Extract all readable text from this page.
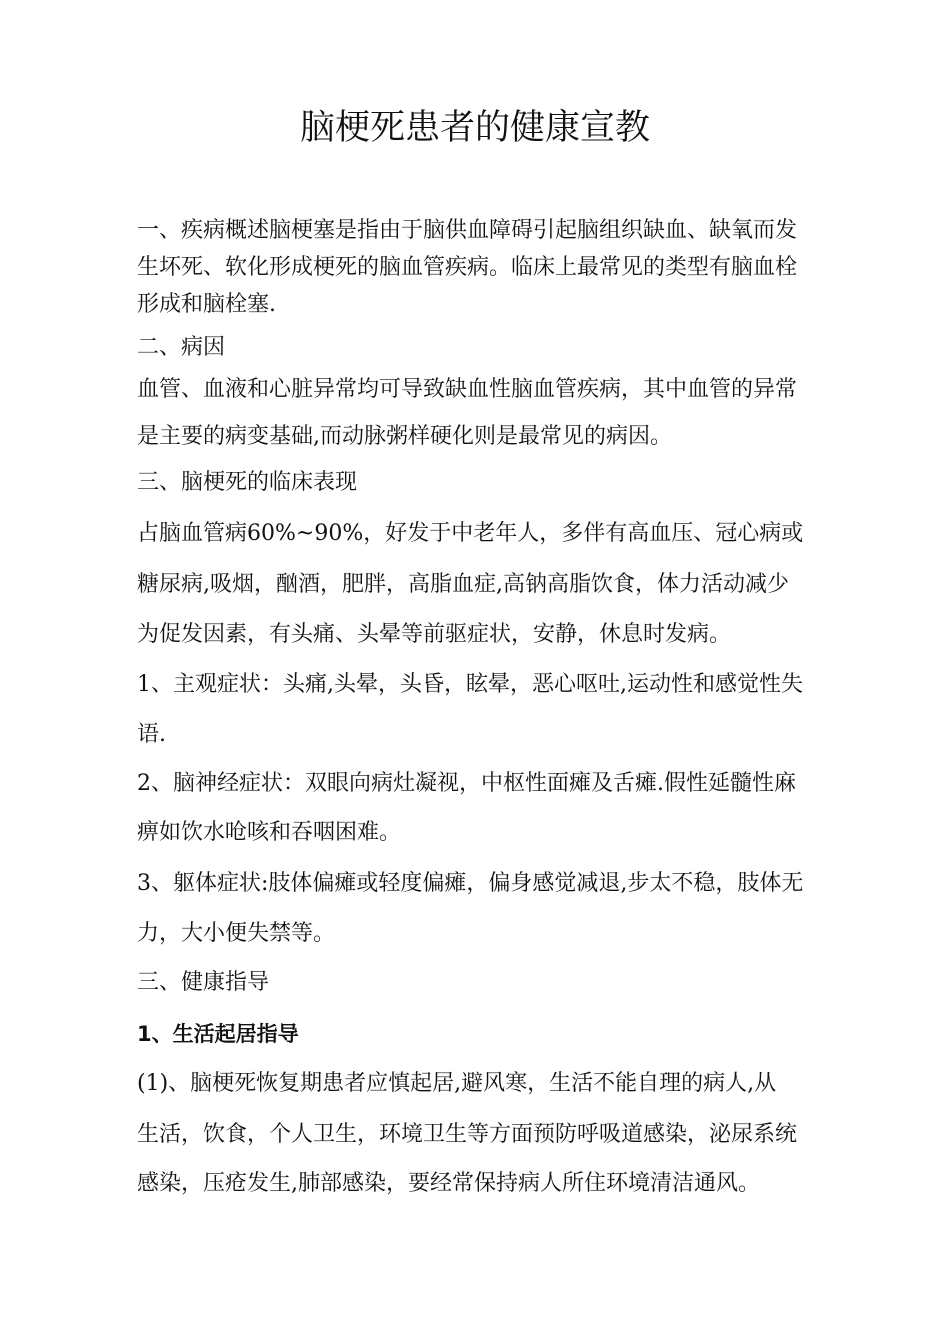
脑梗死患者的健康宣教
一、疾病概述脑梗塞是指由于脑供血障碍引起脑组织缺血、缺氧而发
生坏死、软化形成梗死的脑血管疾病。临床上最常见的类型有脑血栓
形成和脑栓塞.
二、病因
血管、血液和心脏异常均可导致缺血性脑血管疾病，其中血管的异常
是主要的病变基础,而动脉粥样硬化则是最常见的病因。
三、脑梗死的临床表现
占脑血管病60%~90%，好发于中老年人，多伴有高血压、冠心病或
糖尿病,吸烟，酗酒，肥胖，高脂血症,高钠高脂饮食，体力活动减少
为促发因素，有头痛、头晕等前驱症状，安静，休息时发病。
1、主观症状：头痛,头晕，头昏，眩晕，恶心呕吐,运动性和感觉性失
语.
2、脑神经症状：双眼向病灶凝视，中枢性面瘫及舌瘫.假性延髓性麻
痹如饮水呛咳和吞咽困难。
3、躯体症状:肢体偏瘫或轻度偏瘫，偏身感觉减退,步太不稳，肢体无
力，大小便失禁等。
三、健康指导
1、生活起居指导
(1)、脑梗死恢复期患者应慎起居,避风寒，生活不能自理的病人,从
生活，饮食，个人卫生，环境卫生等方面预防呼吸道感染，泌尿系统
感染，压疮发生,肺部感染，要经常保持病人所住环境清洁通风。
